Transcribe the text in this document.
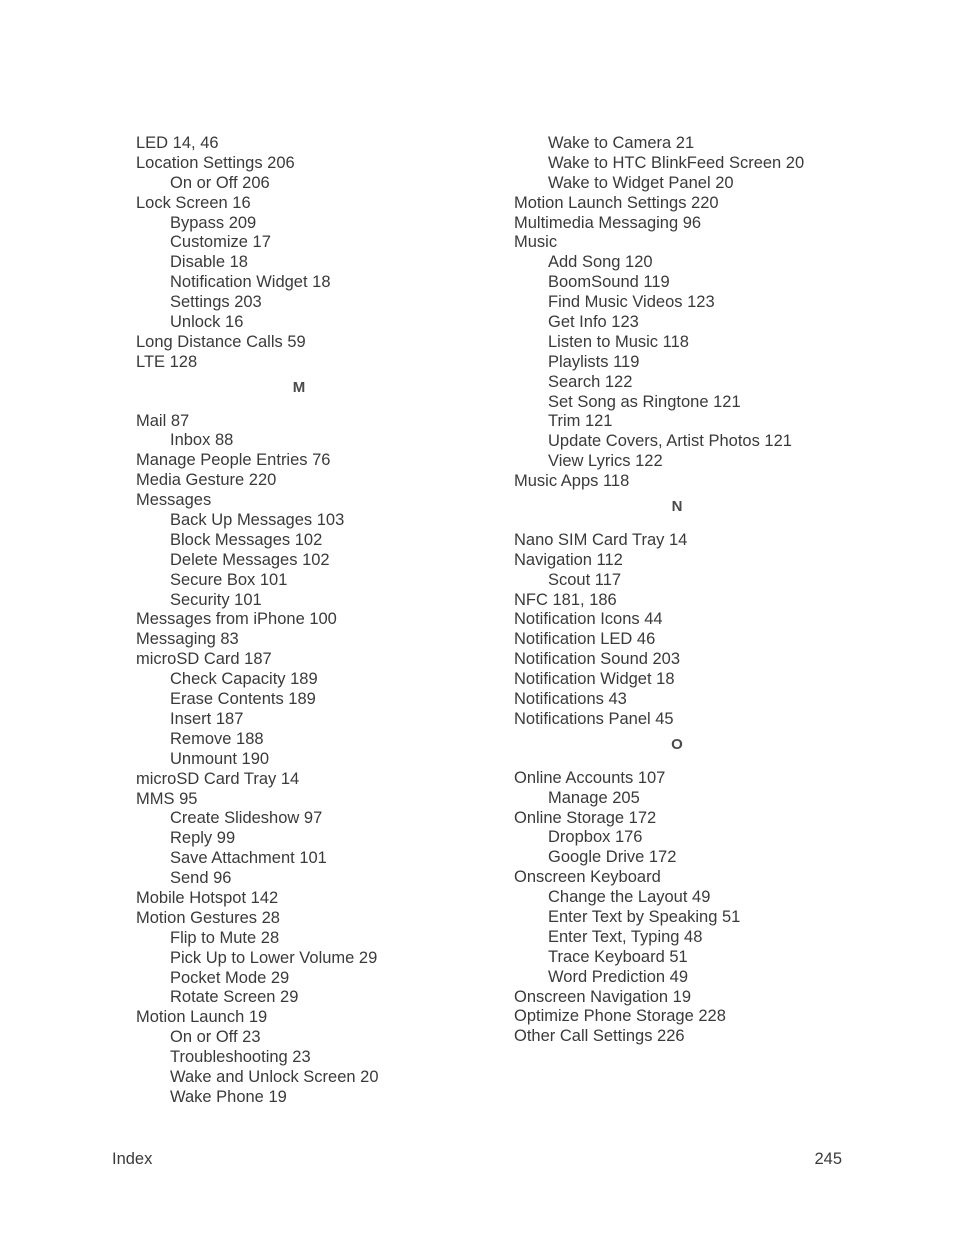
LED 14, 46
Location Settings 206
On or Off 206
Lock Screen 16
Bypass 209
Customize 17
Disable 18
Notification Widget 18
Settings 203
Unlock 16
Long Distance Calls 59
LTE 128
M
Mail 87
Inbox 88
Manage People Entries 76
Media Gesture 220
Messages
Back Up Messages 103
Block Messages 102
Delete Messages 102
Secure Box 101
Security 101
Messages from iPhone 100
Messaging 83
microSD Card 187
Check Capacity 189
Erase Contents 189
Insert 187
Remove 188
Unmount 190
microSD Card Tray 14
MMS 95
Create Slideshow 97
Reply 99
Save Attachment 101
Send 96
Mobile Hotspot 142
Motion Gestures 28
Flip to Mute 28
Pick Up to Lower Volume 29
Pocket Mode 29
Rotate Screen 29
Motion Launch 19
On or Off 23
Troubleshooting 23
Wake and Unlock Screen 20
Wake Phone 19
Wake to Camera 21
Wake to HTC BlinkFeed Screen 20
Wake to Widget Panel 20
Motion Launch Settings 220
Multimedia Messaging 96
Music
Add Song 120
BoomSound 119
Find Music Videos 123
Get Info 123
Listen to Music 118
Playlists 119
Search 122
Set Song as Ringtone 121
Trim 121
Update Covers, Artist Photos 121
View Lyrics 122
Music Apps 118
N
Nano SIM Card Tray 14
Navigation 112
Scout 117
NFC 181, 186
Notification Icons 44
Notification LED 46
Notification Sound 203
Notification Widget 18
Notifications 43
Notifications Panel 45
O
Online Accounts 107
Manage 205
Online Storage 172
Dropbox 176
Google Drive 172
Onscreen Keyboard
Change the Layout 49
Enter Text by Speaking 51
Enter Text, Typing 48
Trace Keyboard 51
Word Prediction 49
Onscreen Navigation 19
Optimize Phone Storage 228
Other Call Settings 226
Index	245
